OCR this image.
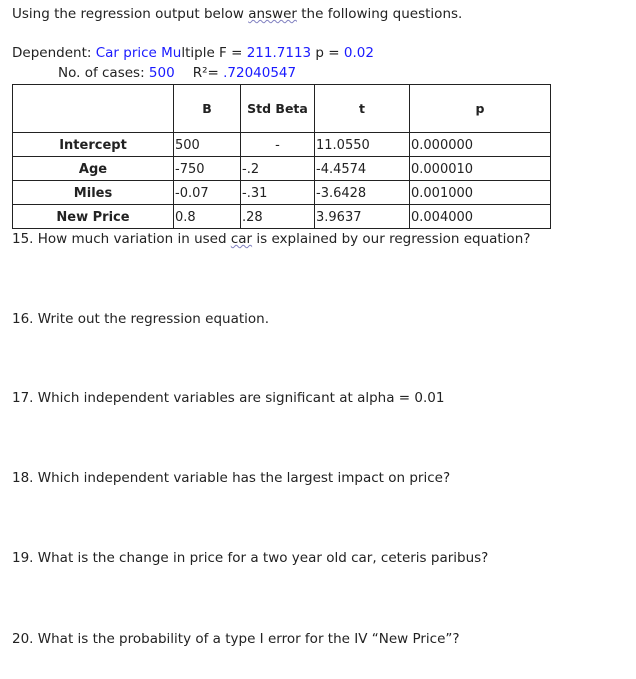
Using the regression output below answer the following questions.
Dependent: Car price Multiple F = 211.7113 p = 0.02
No. of cases: 500 R²= .72040547
	B	Std Beta	t	p
Intercept	500	-	11.0550	0.000000
Age	-750	-.2	-4.4574	0.000010
Miles	-0.07	-.31	-3.6428	0.001000
New Price	0.8	.28	3.9637	0.004000
15. How much variation in used car is explained by our regression equation?
16. Write out the regression equation.
17. Which independent variables are significant at alpha = 0.01
18. Which independent variable has the largest impact on price?
19. What is the change in price for a two year old car, ceteris paribus?
20. What is the probability of a type I error for the IV “New Price”?
